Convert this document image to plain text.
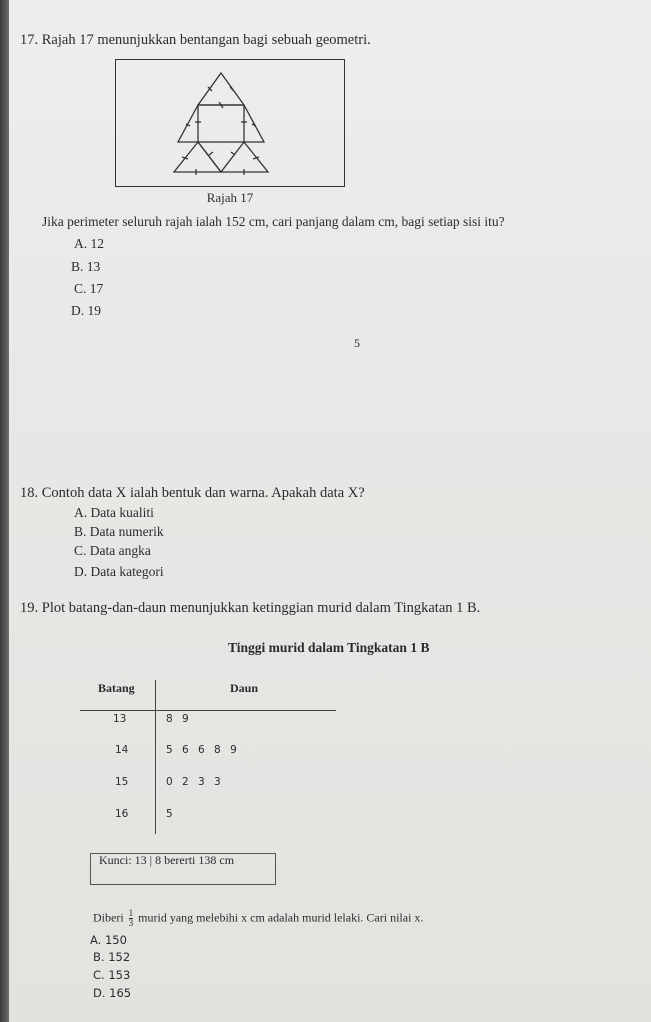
17. Rajah 17 menunjukkan bentangan bagi sebuah geometri.
Rajah 17
Jika perimeter seluruh rajah ialah 152 cm, cari panjang dalam cm, bagi setiap sisi itu?
A. 12
B. 13
C. 17
D. 19
5
18. Contoh data X ialah bentuk dan warna. Apakah data X?
A. Data kualiti
B. Data numerik
C. Data angka
D. Data kategori
19. Plot batang-dan-daun menunjukkan ketinggian murid dalam Tingkatan 1 B.
Tinggi murid dalam Tingkatan 1 B
Batang	Daun
13	8 9
14	5 6 6 8 9
15	0 2 3 3
16	5
Kunci: 13 | 8 bererti 138 cm
Diberi $\frac{1}{3}$ murid yang melebihi x cm adalah murid lelaki. Cari nilai x.
A. 150
B. 152
C. 153
D. 165
